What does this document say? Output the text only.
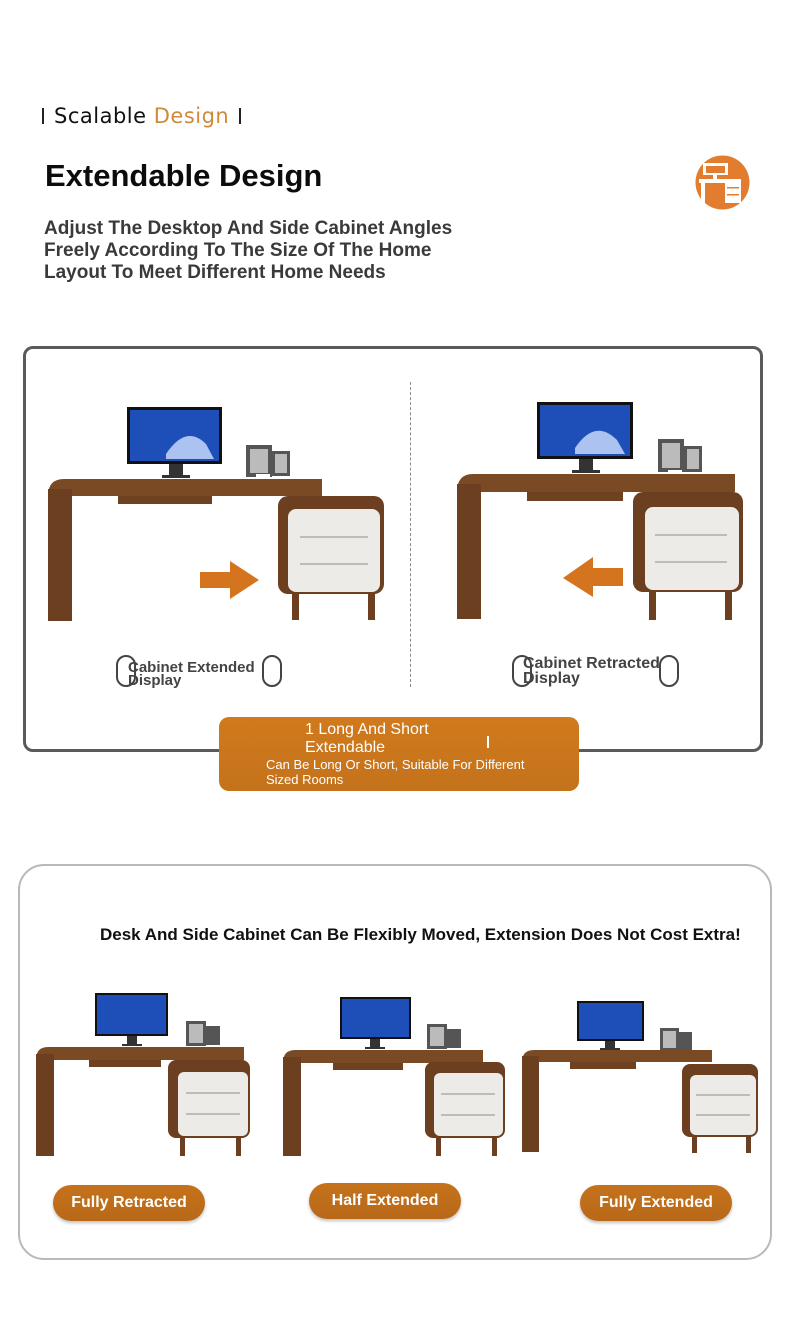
Scalable Design
Extendable Design
Adjust The Desktop And Side Cabinet Angles Freely According To The Size Of The Home Layout To Meet Different Home Needs
Cabinet Extended
Display
Cabinet Retracted
Display
1 Long And Short Extendable
Can Be Long Or Short, Suitable For Different Sized Rooms
Desk And Side Cabinet Can Be Flexibly Moved, Extension Does Not Cost Extra!
Fully Retracted	Half Extended	Fully Extended
